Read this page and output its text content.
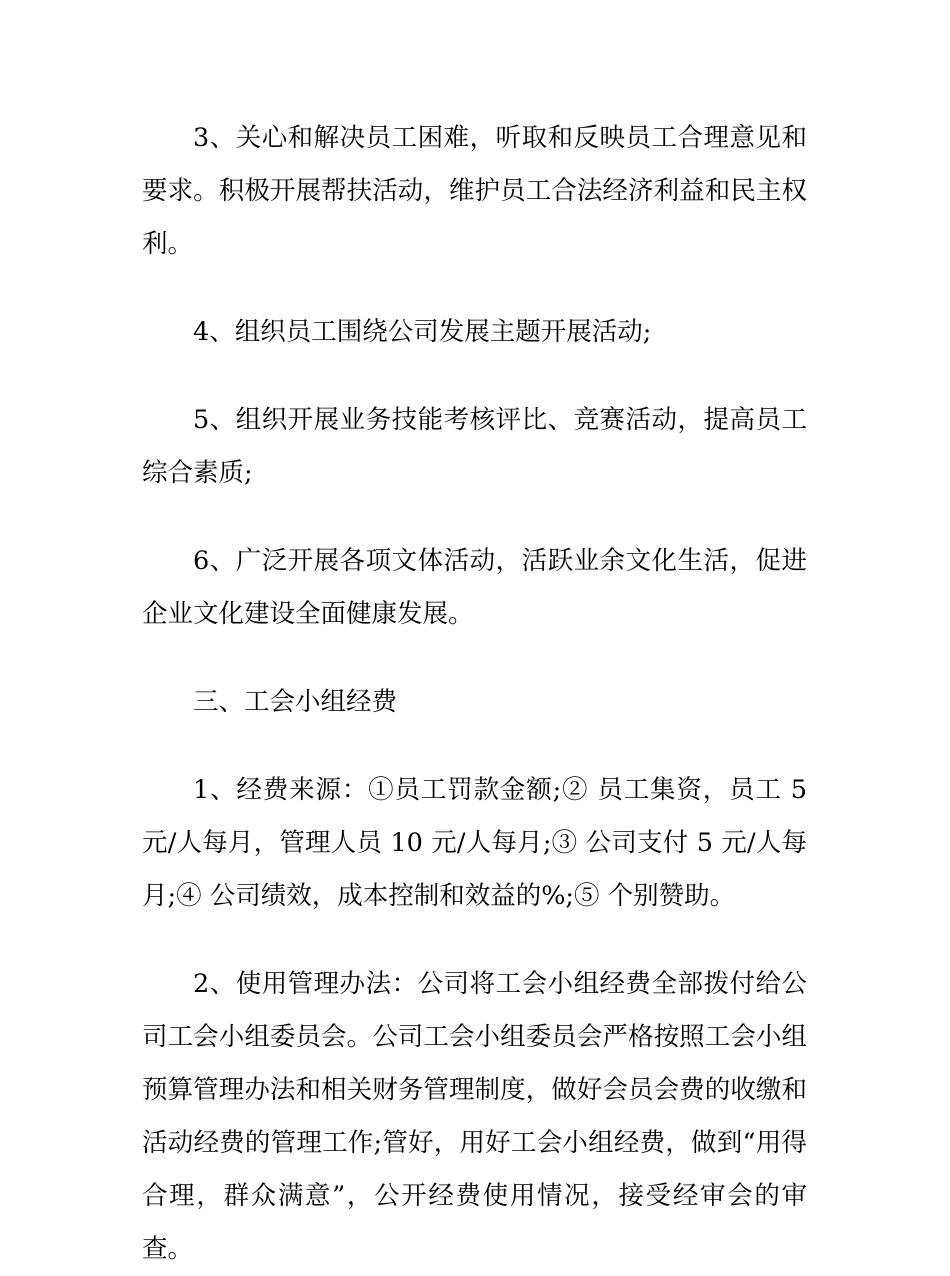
3、关心和解决员工困难，听取和反映员工合理意见和要求。积极开展帮扶活动，维护员工合法经济利益和民主权利。

4、组织员工围绕公司发展主题开展活动;

5、组织开展业务技能考核评比、竞赛活动，提高员工综合素质;

6、广泛开展各项文体活动，活跃业余文化生活，促进企业文化建设全面健康发展。

三、工会小组经费

1、经费来源：①员工罚款金额;② 员工集资，员工 5 元/人每月，管理人员 10 元/人每月;③ 公司支付 5 元/人每月;④ 公司绩效，成本控制和效益的%;⑤ 个别赞助。

2、使用管理办法：公司将工会小组经费全部拨付给公司工会小组委员会。公司工会小组委员会严格按照工会小组预算管理办法和相关财务管理制度，做好会员会费的收缴和活动经费的管理工作;管好，用好工会小组经费，做到“用得合理，群众满意”，公开经费使用情况，接受经审会的审查。
